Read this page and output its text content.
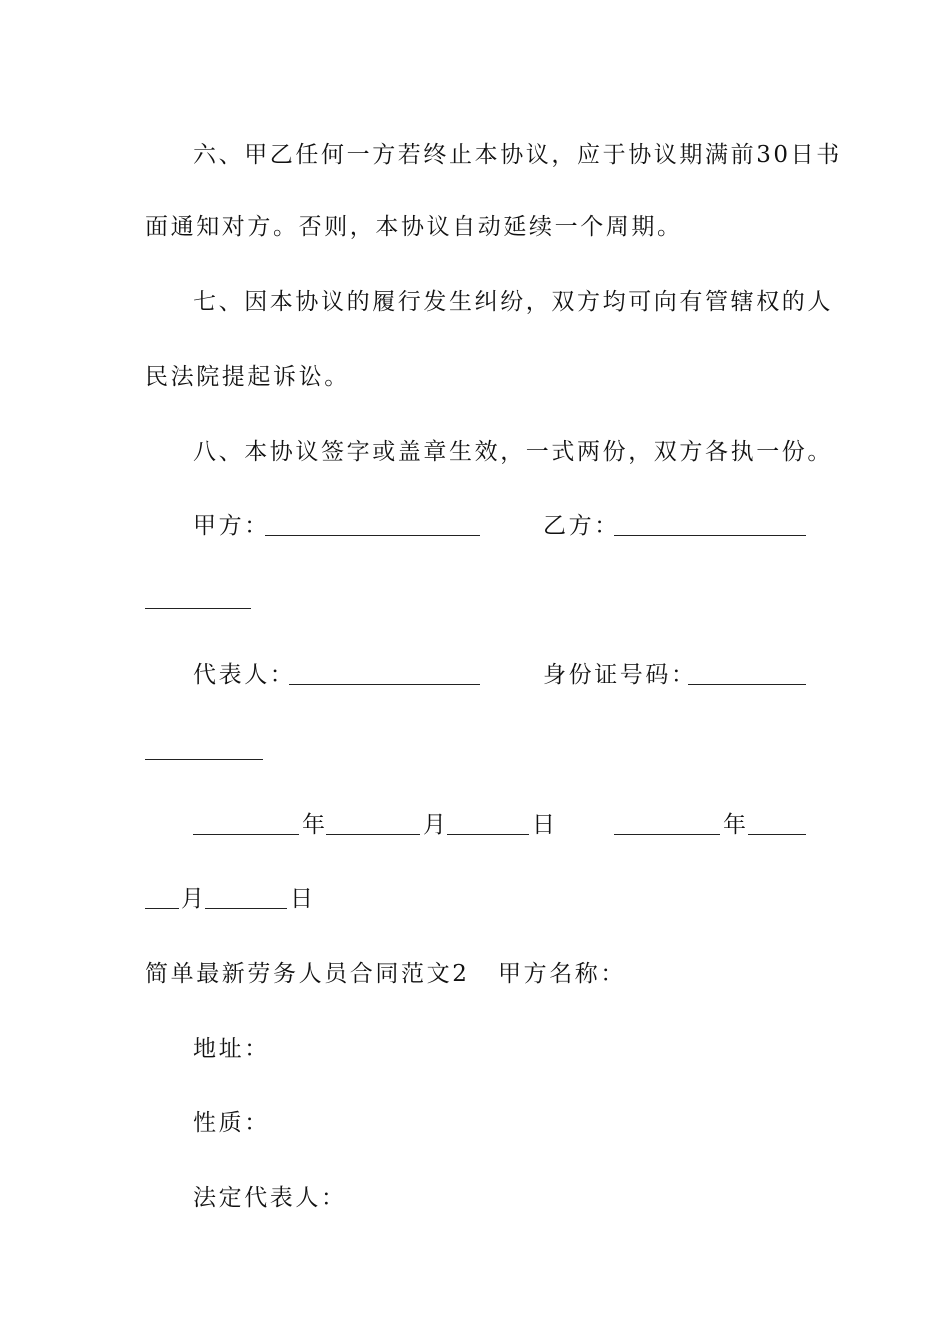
六、甲乙任何一方若终止本协议，应于协议期满前30日书
面通知对方。否则，本协议自动延续一个周期。
七、因本协议的履行发生纠纷，双方均可向有管辖权的人
民法院提起诉讼。
八、本协议签字或盖章生效，一式两份，双方各执一份。
甲方：	乙方：
代表人：	身份证号码：
年	月	日	年
月	日
简单最新劳务人员合同范文2 甲方名称：
地址：
性质：
法定代表人：
